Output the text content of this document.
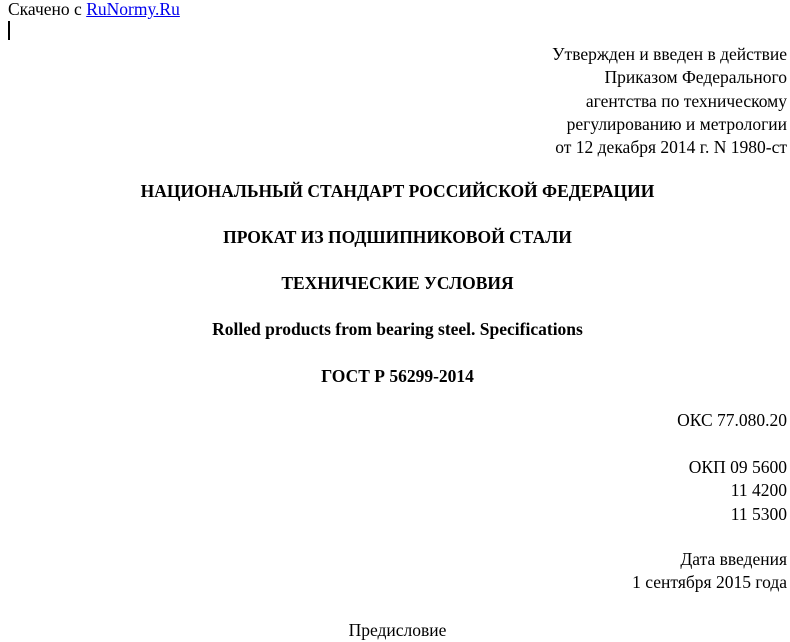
Скачено с RuNormy.Ru
Утвержден и введен в действие
Приказом Федерального
агентства по техническому
регулированию и метрологии
от 12 декабря 2014 г. N 1980-ст
НАЦИОНАЛЬНЫЙ СТАНДАРТ РОССИЙСКОЙ ФЕДЕРАЦИИ
ПРОКАТ ИЗ ПОДШИПНИКОВОЙ СТАЛИ
ТЕХНИЧЕСКИЕ УСЛОВИЯ
Rolled products from bearing steel. Specifications
ГОСТ Р 56299-2014
ОКС 77.080.20
ОКП 09 5600
11 4200
11 5300
Дата введения
1 сентября 2015 года
Предисловие
